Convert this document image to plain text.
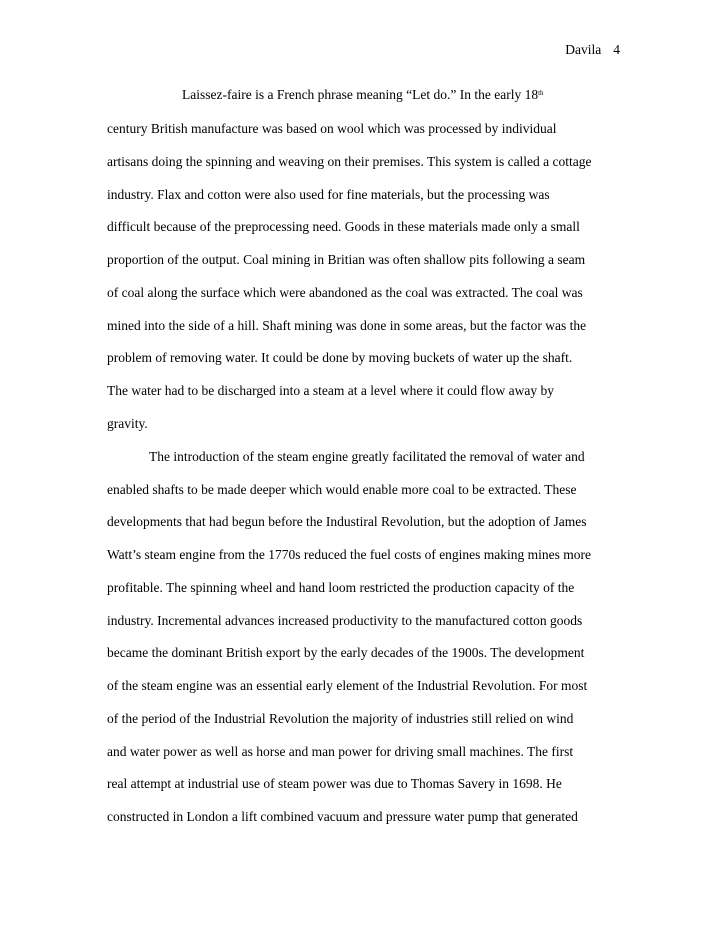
Davila 4
Laissez-faire is a French phrase meaning “Let do.” In the early 18th
century British manufacture was based on wool which was processed by individual
artisans doing the spinning and weaving on their premises. This system is called a cottage
industry. Flax and cotton were also used for fine materials, but the processing was
difficult because of the preprocessing need. Goods in these materials made only a small
proportion of the output. Coal mining in Britian was often shallow pits following a seam
of coal along the surface which were abandoned as the coal was extracted. The coal was
mined into the side of a hill. Shaft mining was done in some areas, but the factor was the
problem of removing water. It could be done by moving buckets of water up the shaft.
The water had to be discharged into a steam at a level where it could flow away by
gravity.
The introduction of the steam engine greatly facilitated the removal of water and
enabled shafts to be made deeper which would enable more coal to be extracted. These
developments that had begun before the Industiral Revolution, but the adoption of James
Watt’s steam engine from the 1770s reduced the fuel costs of engines making mines more
profitable. The spinning wheel and hand loom restricted the production capacity of the
industry. Incremental advances increased productivity to the manufactured cotton goods
became the dominant British export by the early decades of the 1900s. The development
of the steam engine was an essential early element of the Industrial Revolution. For most
of the period of the Industrial Revolution the majority of industries still relied on wind
and water power as well as horse and man power for driving small machines. The first
real attempt at industrial use of steam power was due to Thomas Savery in 1698. He
constructed in London a lift combined vacuum and pressure water pump that generated
